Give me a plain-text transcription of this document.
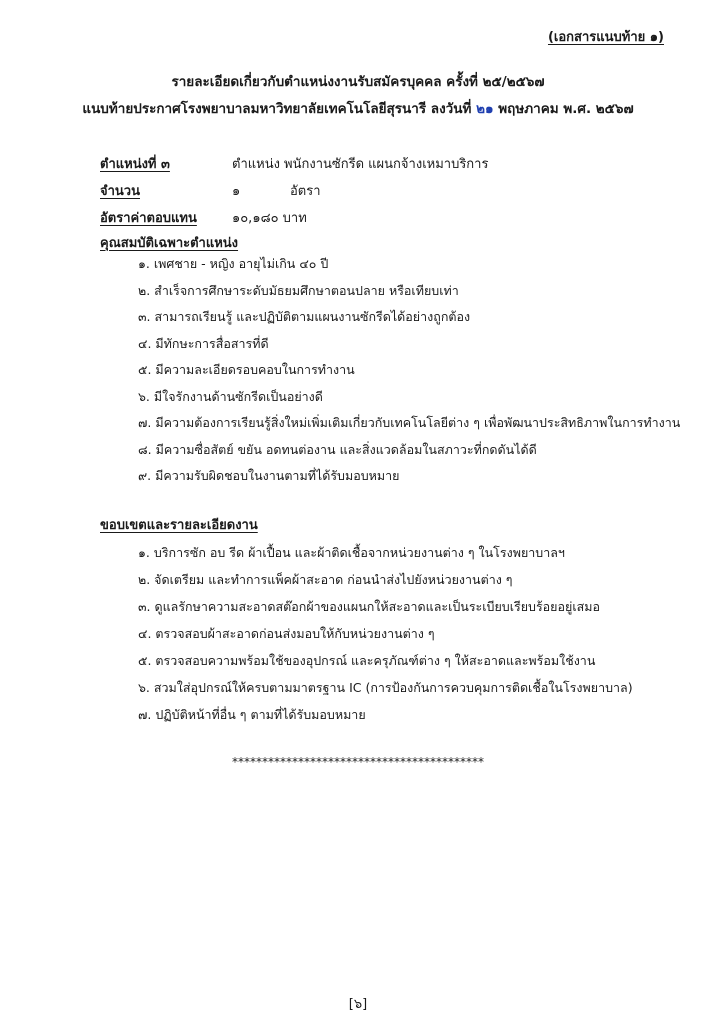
(เอกสารแนบท้าย ๑)
รายละเอียดเกี่ยวกับตำแหน่งงานรับสมัครบุคคล ครั้งที่ ๒๕/๒๕๖๗
แนบท้ายประกาศโรงพยาบาลมหาวิทยาลัยเทคโนโลยีสุรนารี ลงวันที่ ๒๑ พฤษภาคม พ.ศ. ๒๕๖๗
ตำแหน่งที่ ๓	ตำแหน่ง พนักงานซักรีด แผนกจ้างเหมาบริการ
จำนวน	๑	อัตรา
อัตราค่าตอบแทน	๑๐,๑๘๐ บาท
คุณสมบัติเฉพาะตำแหน่ง
๑. เพศชาย - หญิง อายุไม่เกิน ๔๐ ปี
๒. สำเร็จการศึกษาระดับมัธยมศึกษาตอนปลาย หรือเทียบเท่า
๓. สามารถเรียนรู้ และปฏิบัติตามแผนงานซักรีดได้อย่างถูกต้อง
๔. มีทักษะการสื่อสารที่ดี
๕. มีความละเอียดรอบคอบในการทำงาน
๖. มีใจรักงานด้านซักรีดเป็นอย่างดี
๗. มีความต้องการเรียนรู้สิ่งใหม่เพิ่มเติมเกี่ยวกับเทคโนโลยีต่าง ๆ เพื่อพัฒนาประสิทธิภาพในการทำงาน
๘. มีความซื่อสัตย์ ขยัน อดทนต่องาน และสิ่งแวดล้อมในสภาวะที่กดดันได้ดี
๙. มีความรับผิดชอบในงานตามที่ได้รับมอบหมาย
ขอบเขตและรายละเอียดงาน
๑. บริการซัก อบ รีด ผ้าเปื้อน และผ้าติดเชื้อจากหน่วยงานต่าง ๆ ในโรงพยาบาลฯ
๒. จัดเตรียม และทำการแพ็คผ้าสะอาด ก่อนนำส่งไปยังหน่วยงานต่าง ๆ
๓. ดูแลรักษาความสะอาดสต๊อกผ้าของแผนกให้สะอาดและเป็นระเบียบเรียบร้อยอยู่เสมอ
๔. ตรวจสอบผ้าสะอาดก่อนส่งมอบให้กับหน่วยงานต่าง ๆ
๕. ตรวจสอบความพร้อมใช้ของอุปกรณ์ และครุภัณฑ์ต่าง ๆ ให้สะอาดและพร้อมใช้งาน
๖. สวมใส่อุปกรณ์ให้ครบตามมาตรฐาน IC (การป้องกันการควบคุมการติดเชื้อในโรงพยาบาล)
๗. ปฏิบัติหน้าที่อื่น ๆ ตามที่ได้รับมอบหมาย
******************************************
[๖]
